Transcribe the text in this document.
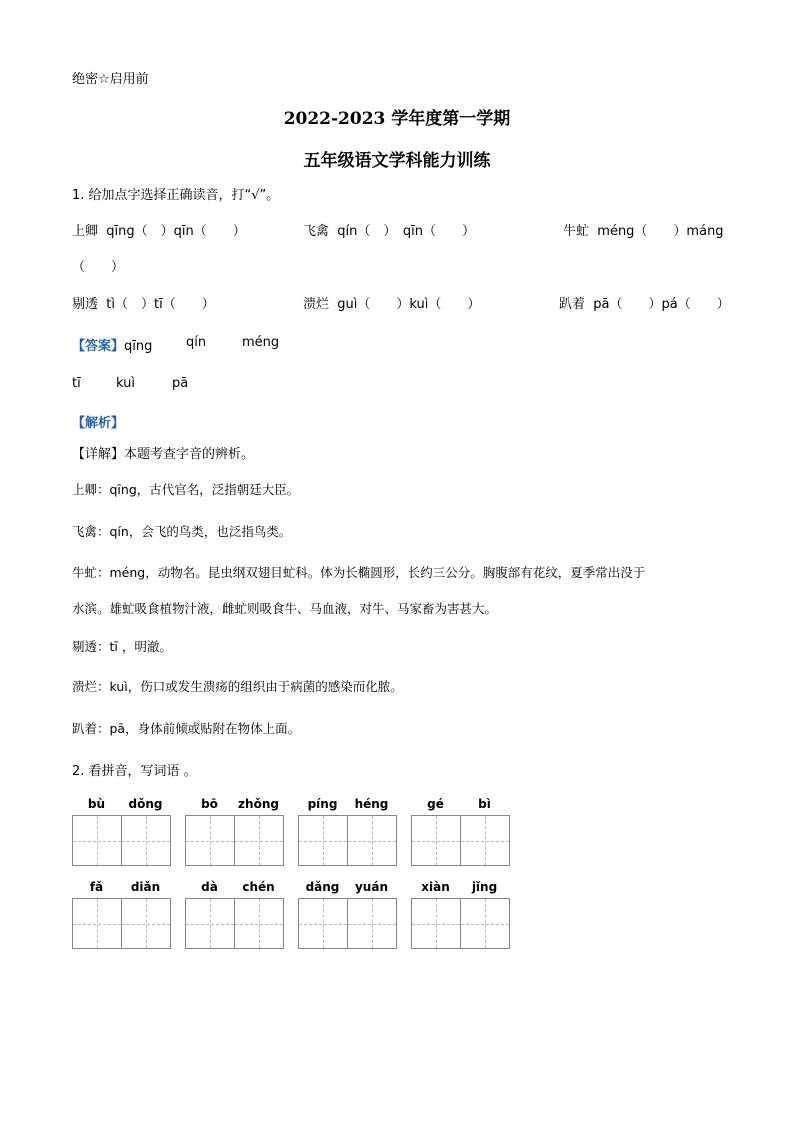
绝密☆启用前
2022-2023 学年度第一学期
五年级语文学科能力训练
1. 给加点字选择正确读音，打“√”。
上卿 qīng（　）qīn（　　）	飞禽 qín（　）　qīn（　　）	牛虻 méng（　　）máng
（　　）
剔透 tì（　）tī（　　）	溃烂 guì（　　）kuì（　　）	趴着 pā（　　）pá（　　）
【答案】qīng	qín	méng
tī	kuì	pā
【解析】
【详解】本题考查字音的辨析。
上卿：qīng，古代官名，泛指朝廷大臣。
飞禽：qín，会飞的鸟类，也泛指鸟类。
牛虻：méng，动物名。昆虫纲双翅目虻科。体为长椭圆形，长约三公分。胸腹部有花纹，夏季常出没于
水滨。雄虻吸食植物汁液，雌虻则吸食牛、马血液，对牛、马家畜为害甚大。
剔透：tī ，明澈。
溃烂：kuì，伤口或发生溃疡的组织由于病菌的感染而化脓。
趴着：pā，身体前倾或贴附在物体上面。
2. 看拼音，写词语 。
bù	dǒng	bō	zhǒng	píng	héng	gé	bì
fǎ	diǎn	dà	chén	dǎng	yuán	xiàn	jǐng
